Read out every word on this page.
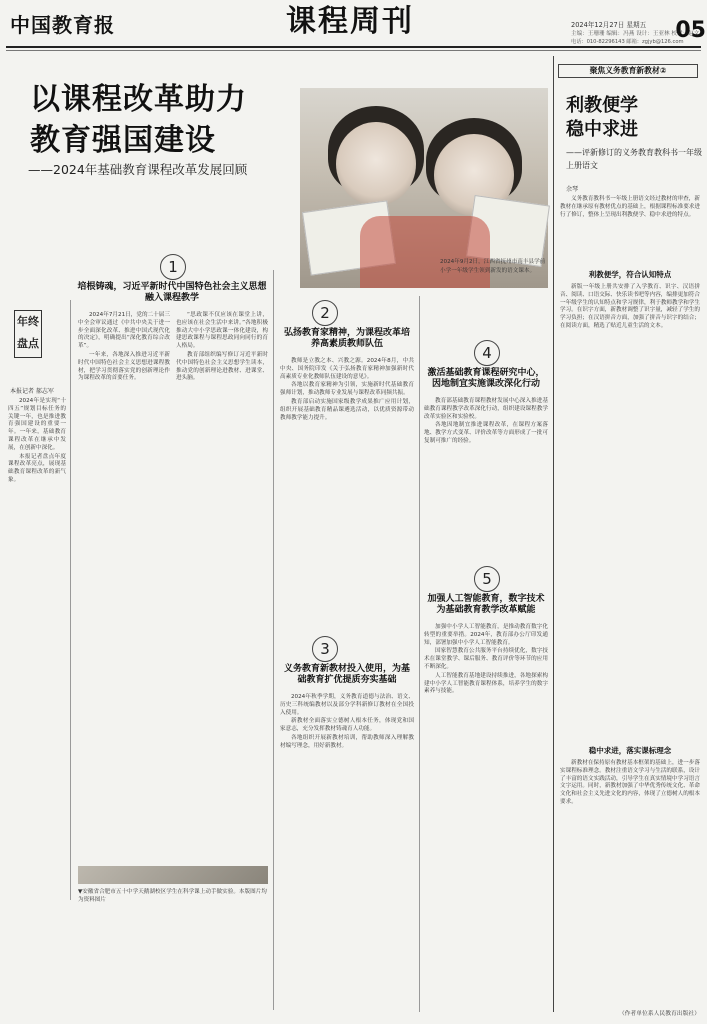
中国教育报	课程周刊	2024年12月27日 星期五
主编：王珊珊 编辑：冯燕 设计：王亚林 校对：赵文
电话：010-82296143 邮箱：zgjyb@126.com
05
以课程改革助力
教育强国建设
——2024年基础教育课程改革发展回顾
2024年9月2日，江西省抚州市南丰县学前小学一年级学生领到新发的语文课本。
年终
盘点
本报记者 郝志军

2024年是实现“十四五”规划目标任务的关键一年，也是推进教育强国建设的重要一年。一年来，基础教育课程改革在继承中发展，在创新中深化。

本报记者盘点年度课程改革亮点，展现基础教育课程改革的新气象。

1
培根铸魂，习近平新时代中国特色社会主义思想融入课程教学

2024年7月21日，党的二十届三中全会审议通过《中共中央关于进一步全面深化改革、推进中国式现代化的决定》，明确提出“深化教育综合改革”。

一年来，各地深入推进习近平新时代中国特色社会主义思想进课程教材，把学习贯彻落实党的创新理论作为课程改革的首要任务。

“思政课不仅应该在课堂上讲，也应该在社会生活中来讲。”各地积极推动大中小学思政课一体化建设，构建思政课程与课程思政同向同行的育人格局。

教育部组织编写修订习近平新时代中国特色社会主义思想学生读本，推动党的创新理论进教材、进课堂、进头脑。

▼安徽省合肥市五十中学天鹅湖校区学生在科学课上动手做实验。本版图片均为资料图片
2
弘扬教育家精神，为课程改革培养高素质教师队伍

教师是立教之本、兴教之源。2024年8月，中共中央、国务院印发《关于弘扬教育家精神加强新时代高素质专业化教师队伍建设的意见》。

各地以教育家精神为引领，实施新时代基础教育强师计划，推动教师专业发展与课程改革同频共振。

教育部启动实施国家级教学成果推广应用计划，组织开展基础教育精品课遴选活动，以优质资源带动教师教学能力提升。

3
义务教育新教材投入使用，为基础教育扩优提质夯实基础

2024年秋季学期，义务教育道德与法治、语文、历史三科统编教材以及部分学科新修订教材在全国投入使用。

新教材全面落实立德树人根本任务，体现党和国家意志，充分发挥教材铸魂育人功能。

各地组织开展新教材培训，帮助教师深入理解教材编写理念，用好新教材。

4
激活基础教育课程研究中心，因地制宜实施课改深化行动

教育部基础教育课程教材发展中心深入推进基础教育课程教学改革深化行动，组织建设课程教学改革实验区和实验校。

各地因地制宜推进课程改革，在课程方案落地、教学方式变革、评价改革等方面形成了一批可复制可推广的经验。

5
加强人工智能教育，数字技术为基础教育教学改革赋能

加强中小学人工智能教育，是推动教育数字化转型的重要举措。2024年，教育部办公厅印发通知，部署加强中小学人工智能教育。

国家智慧教育公共服务平台持续优化，数字技术在课堂教学、课后服务、教育评价等环节的应用不断深化。

人工智能教育基地建设持续推进，各地探索构建中小学人工智能教育课程体系，培养学生的数字素养与技能。

聚焦义务教育新教材②
利教便学
稳中求进
——评新修订的义务教育教科书一年级上册语文
余琴

义务教育教科书一年级上册语文经过教材的审查，新教材在继承原有教材优点的基础上，根据课程标准要求进行了修订，整体上呈现出利教便学、稳中求进的特点。

利教便学，符合认知特点

新版一年级上册共安排了入学教育、识字、汉语拼音、阅读、口语交际、快乐读书吧等内容，编排更加符合一年级学生的认知特点和学习规律，利于教师教学和学生学习。在识字方面，新教材调整了识字量，减轻了学生的学习负担；在汉语拼音方面，加强了拼音与识字的结合；在阅读方面，精选了贴近儿童生活的文本。

稳中求进，落实课标理念

新教材在保持原有教材基本框架的基础上，进一步落实课程标准理念。教材注重语文学习与生活的联系，设计了丰富的语文实践活动，引导学生在真实情境中学习语言文字运用。同时，新教材加强了中华优秀传统文化、革命文化和社会主义先进文化的内容，体现了立德树人的根本要求。

（作者单位系人民教育出版社）
